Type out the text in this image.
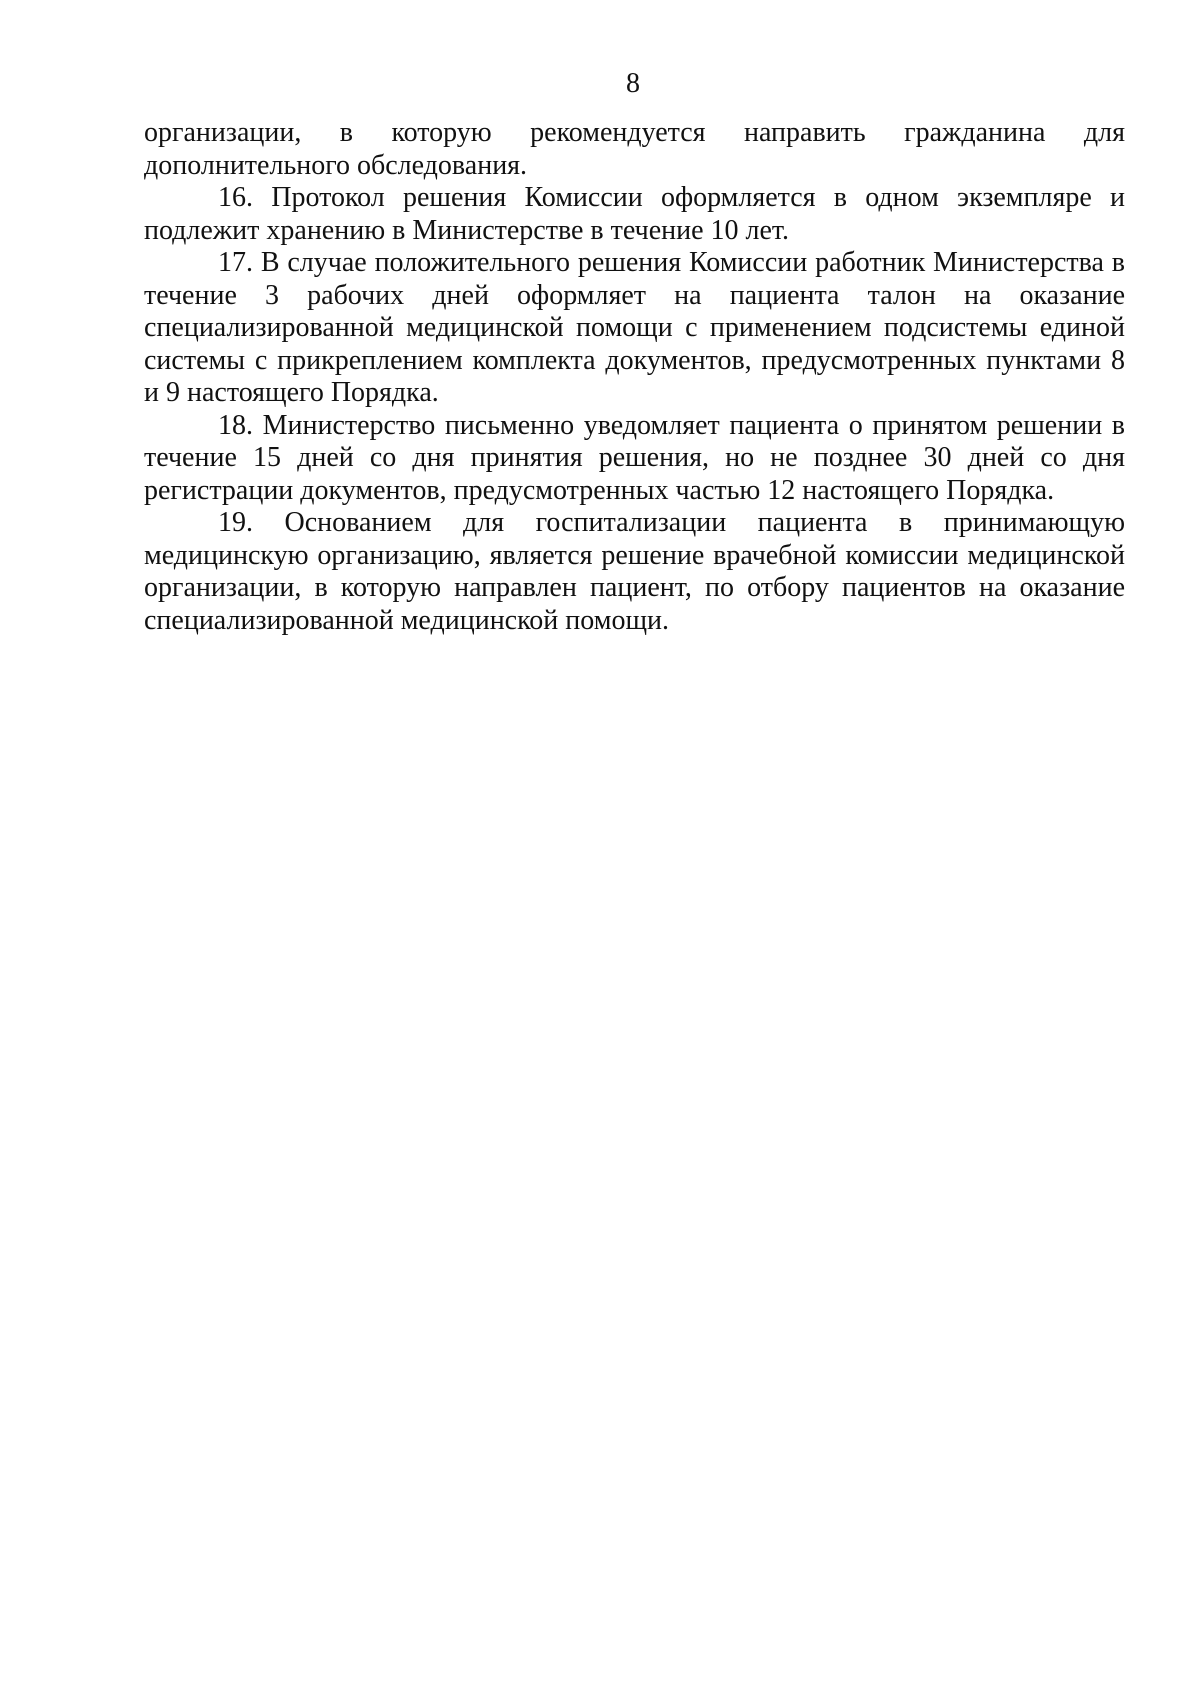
8

организации, в которую рекомендуется направить гражданина для дополнительного обследования.

16. Протокол решения Комиссии оформляется в одном экземпляре и подлежит хранению в Министерстве в течение 10 лет.

17. В случае положительного решения Комиссии работник Министерства в течение 3 рабочих дней оформляет на пациента талон на оказание специализированной медицинской помощи с применением подсистемы единой системы с прикреплением комплекта документов, предусмотренных пунктами 8 и 9 настоящего Порядка.

18. Министерство письменно уведомляет пациента о принятом решении в течение 15 дней со дня принятия решения, но не позднее 30 дней со дня регистрации документов, предусмотренных частью 12 настоящего Порядка.

19. Основанием для госпитализации пациента в принимающую медицинскую организацию, является решение врачебной комиссии медицинской организации, в которую направлен пациент, по отбору пациентов на оказание специализированной медицинской помощи.
